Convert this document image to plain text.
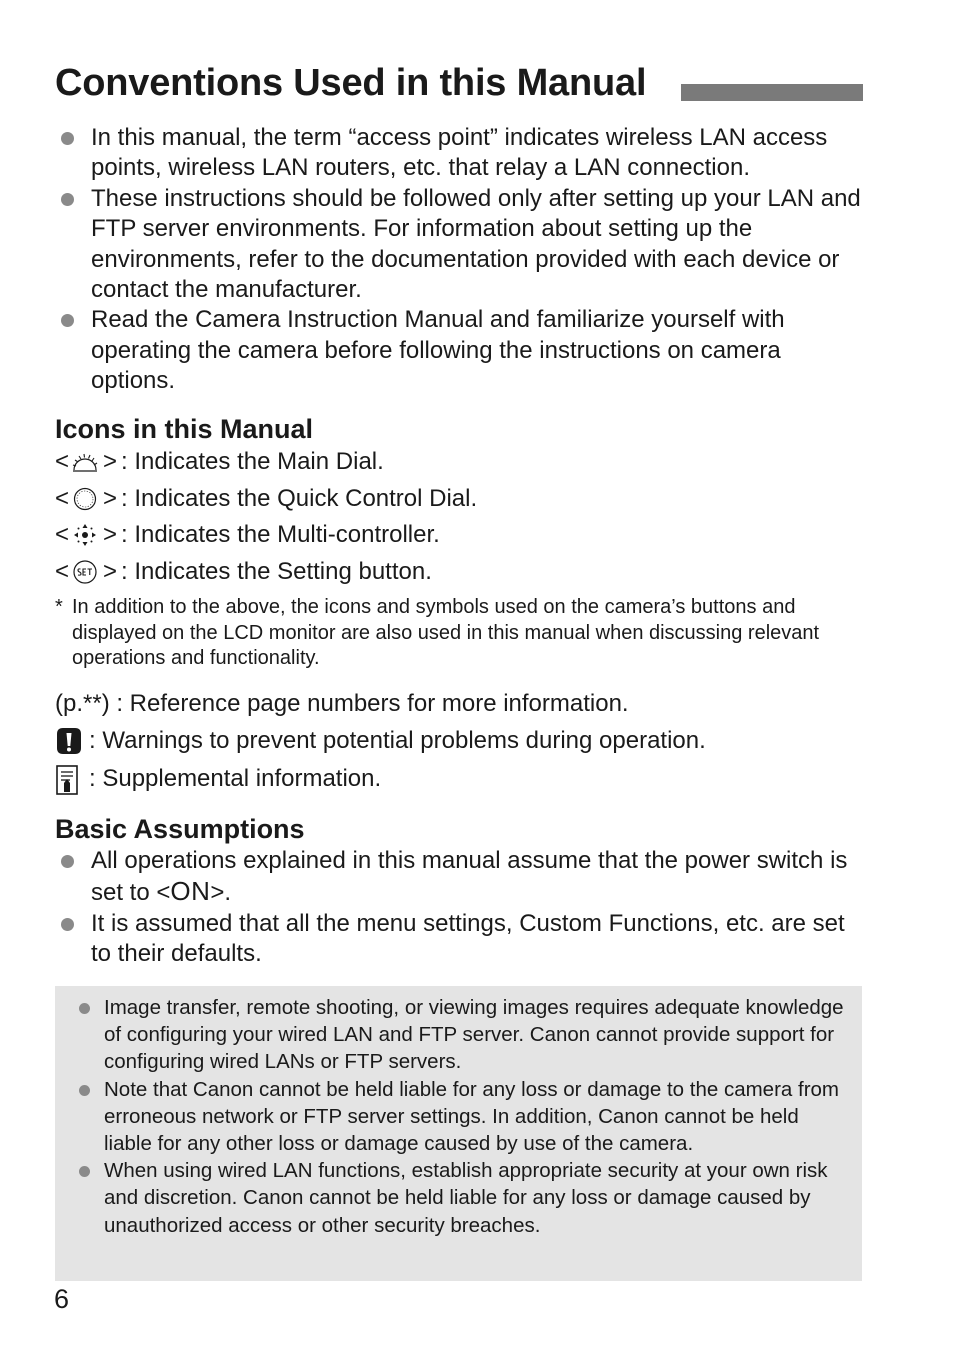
Conventions Used in this Manual
In this manual, the term “access point” indicates wireless LAN access points, wireless LAN routers, etc. that relay a LAN connection.
These instructions should be followed only after setting up your LAN and FTP server environments. For information about setting up the environments, refer to the documentation provided with each device or contact the manufacturer.
Read the Camera Instruction Manual and familiarize yourself with operating the camera before following the instructions on camera options.
Icons in this Manual
< > : Indicates the Main Dial.
< > : Indicates the Quick Control Dial.
< > : Indicates the Multi-controller.
< > : Indicates the Setting button.
* In addition to the above, the icons and symbols used on the camera’s buttons and displayed on the LCD monitor are also used in this manual when discussing relevant operations and functionality.
(p.**) : Reference page numbers for more information.
: Warnings to prevent potential problems during operation.
: Supplemental information.
Basic Assumptions
All operations explained in this manual assume that the power switch is set to <ON>.
It is assumed that all the menu settings, Custom Functions, etc. are set to their defaults.
Image transfer, remote shooting, or viewing images requires adequate knowledge of configuring your wired LAN and FTP server. Canon cannot provide support for configuring wired LANs or FTP servers.
Note that Canon cannot be held liable for any loss or damage to the camera from erroneous network or FTP server settings. In addition, Canon cannot be held liable for any other loss or damage caused by use of the camera.
When using wired LAN functions, establish appropriate security at your own risk and discretion. Canon cannot be held liable for any loss or damage caused by unauthorized access or other security breaches.
6
